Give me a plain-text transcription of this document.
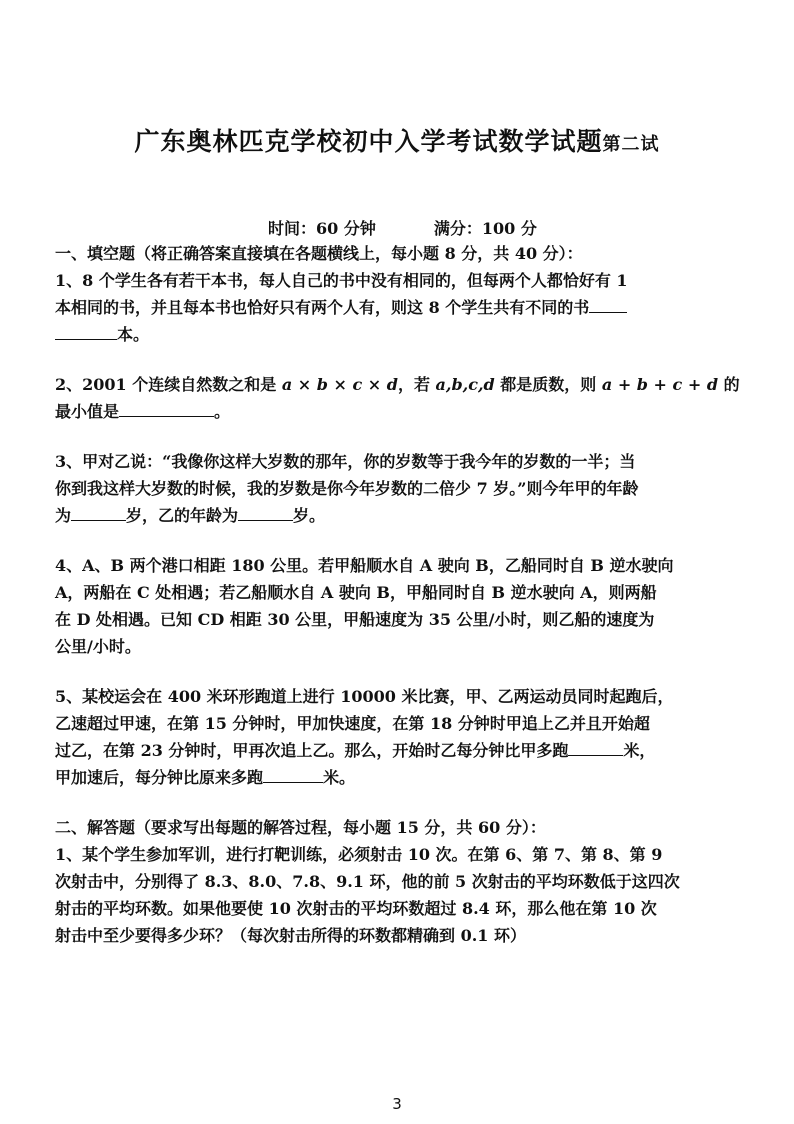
广东奥林匹克学校初中入学考试数学试题第二试
时间：60 分钟	满分：100 分
一、填空题（将正确答案直接填在各题横线上，每小题 8 分，共 40 分）：
1、8 个学生各有若干本书，每人自己的书中没有相同的，但每两个人都恰好有 1
本相同的书，并且每本书也恰好只有两个人有，则这 8 个学生共有不同的书
本。
2、2001 个连续自然数之和是 a × b × c × d，若 a,b,c,d 都是质数，则 a + b + c + d 的
最小值是	。
3、甲对乙说：“我像你这样大岁数的那年，你的岁数等于我今年的岁数的一半；当
你到我这样大岁数的时候，我的岁数是你今年岁数的二倍少 7 岁。”则今年甲的年龄
为	岁，乙的年龄为	岁。
4、A、B 两个港口相距 180 公里。若甲船顺水自 A 驶向 B，乙船同时自 B 逆水驶向
A，两船在 C 处相遇；若乙船顺水自 A 驶向 B，甲船同时自 B 逆水驶向 A，则两船
在 D 处相遇。已知 CD 相距 30 公里，甲船速度为 35 公里/小时，则乙船的速度为
公里/小时。
5、某校运会在 400 米环形跑道上进行 10000 米比赛，甲、乙两运动员同时起跑后，
乙速超过甲速，在第 15 分钟时，甲加快速度，在第 18 分钟时甲追上乙并且开始超
过乙，在第 23 分钟时，甲再次追上乙。那么，开始时乙每分钟比甲多跑	米，
甲加速后，每分钟比原来多跑	米。
二、解答题（要求写出每题的解答过程，每小题 15 分，共 60 分）：
1、某个学生参加军训，进行打靶训练，必须射击 10 次。在第 6、第 7、第 8、第 9
次射击中，分别得了 8.3、8.0、7.8、9.1 环，他的前 5 次射击的平均环数低于这四次
射击的平均环数。如果他要使 10 次射击的平均环数超过 8.4 环，那么他在第 10 次
射击中至少要得多少环？（每次射击所得的环数都精确到 0.1 环）
3
